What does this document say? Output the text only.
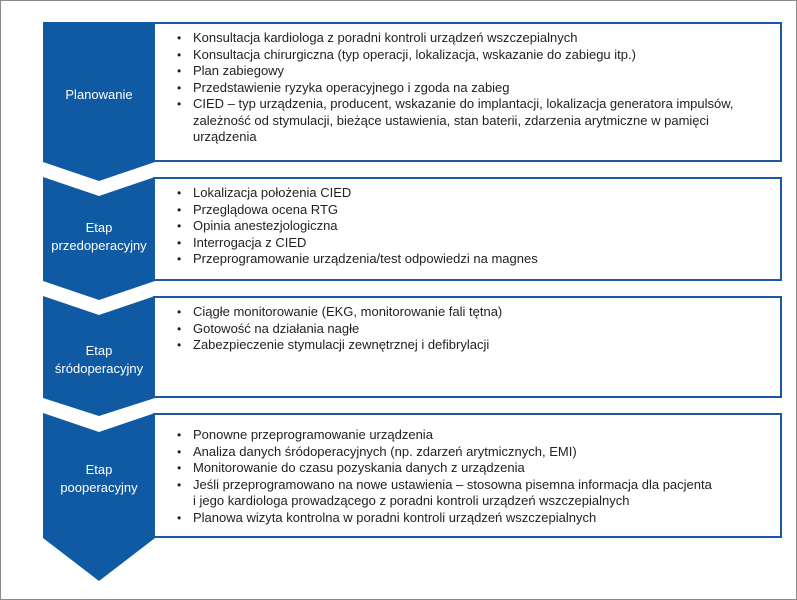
Planowanie
• Konsultacja kardiologa z poradni kontroli urządzeń wszczepialnych
• Konsultacja chirurgiczna (typ operacji, lokalizacja, wskazanie do zabiegu itp.)
• Plan zabiegowy
• Przedstawienie ryzyka operacyjnego i zgoda na zabieg
• CIED – typ urządzenia, producent, wskazanie do implantacji, lokalizacja generatora impulsów,
zależność od stymulacji, bieżące ustawienia, stan baterii, zdarzenia arytmiczne w pamięci
urządzenia
Etap
przedoperacyjny
• Lokalizacja położenia CIED
• Przeglądowa ocena RTG
• Opinia anestezjologiczna
• Interrogacja z CIED
• Przeprogramowanie urządzenia/test odpowiedzi na magnes
Etap
śródoperacyjny
• Ciągłe monitorowanie (EKG, monitorowanie fali tętna)
• Gotowość na działania nagłe
• Zabezpieczenie stymulacji zewnętrznej i defibrylacji
Etap
pooperacyjny
• Ponowne przeprogramowanie urządzenia
• Analiza danych śródoperacyjnych (np. zdarzeń arytmicznych, EMI)
• Monitorowanie do czasu pozyskania danych z urządzenia
• Jeśli przeprogramowano na nowe ustawienia – stosowna pisemna informacja dla pacjenta
i jego kardiologa prowadzącego z poradni kontroli urządzeń wszczepialnych
• Planowa wizyta kontrolna w poradni kontroli urządzeń wszczepialnych
